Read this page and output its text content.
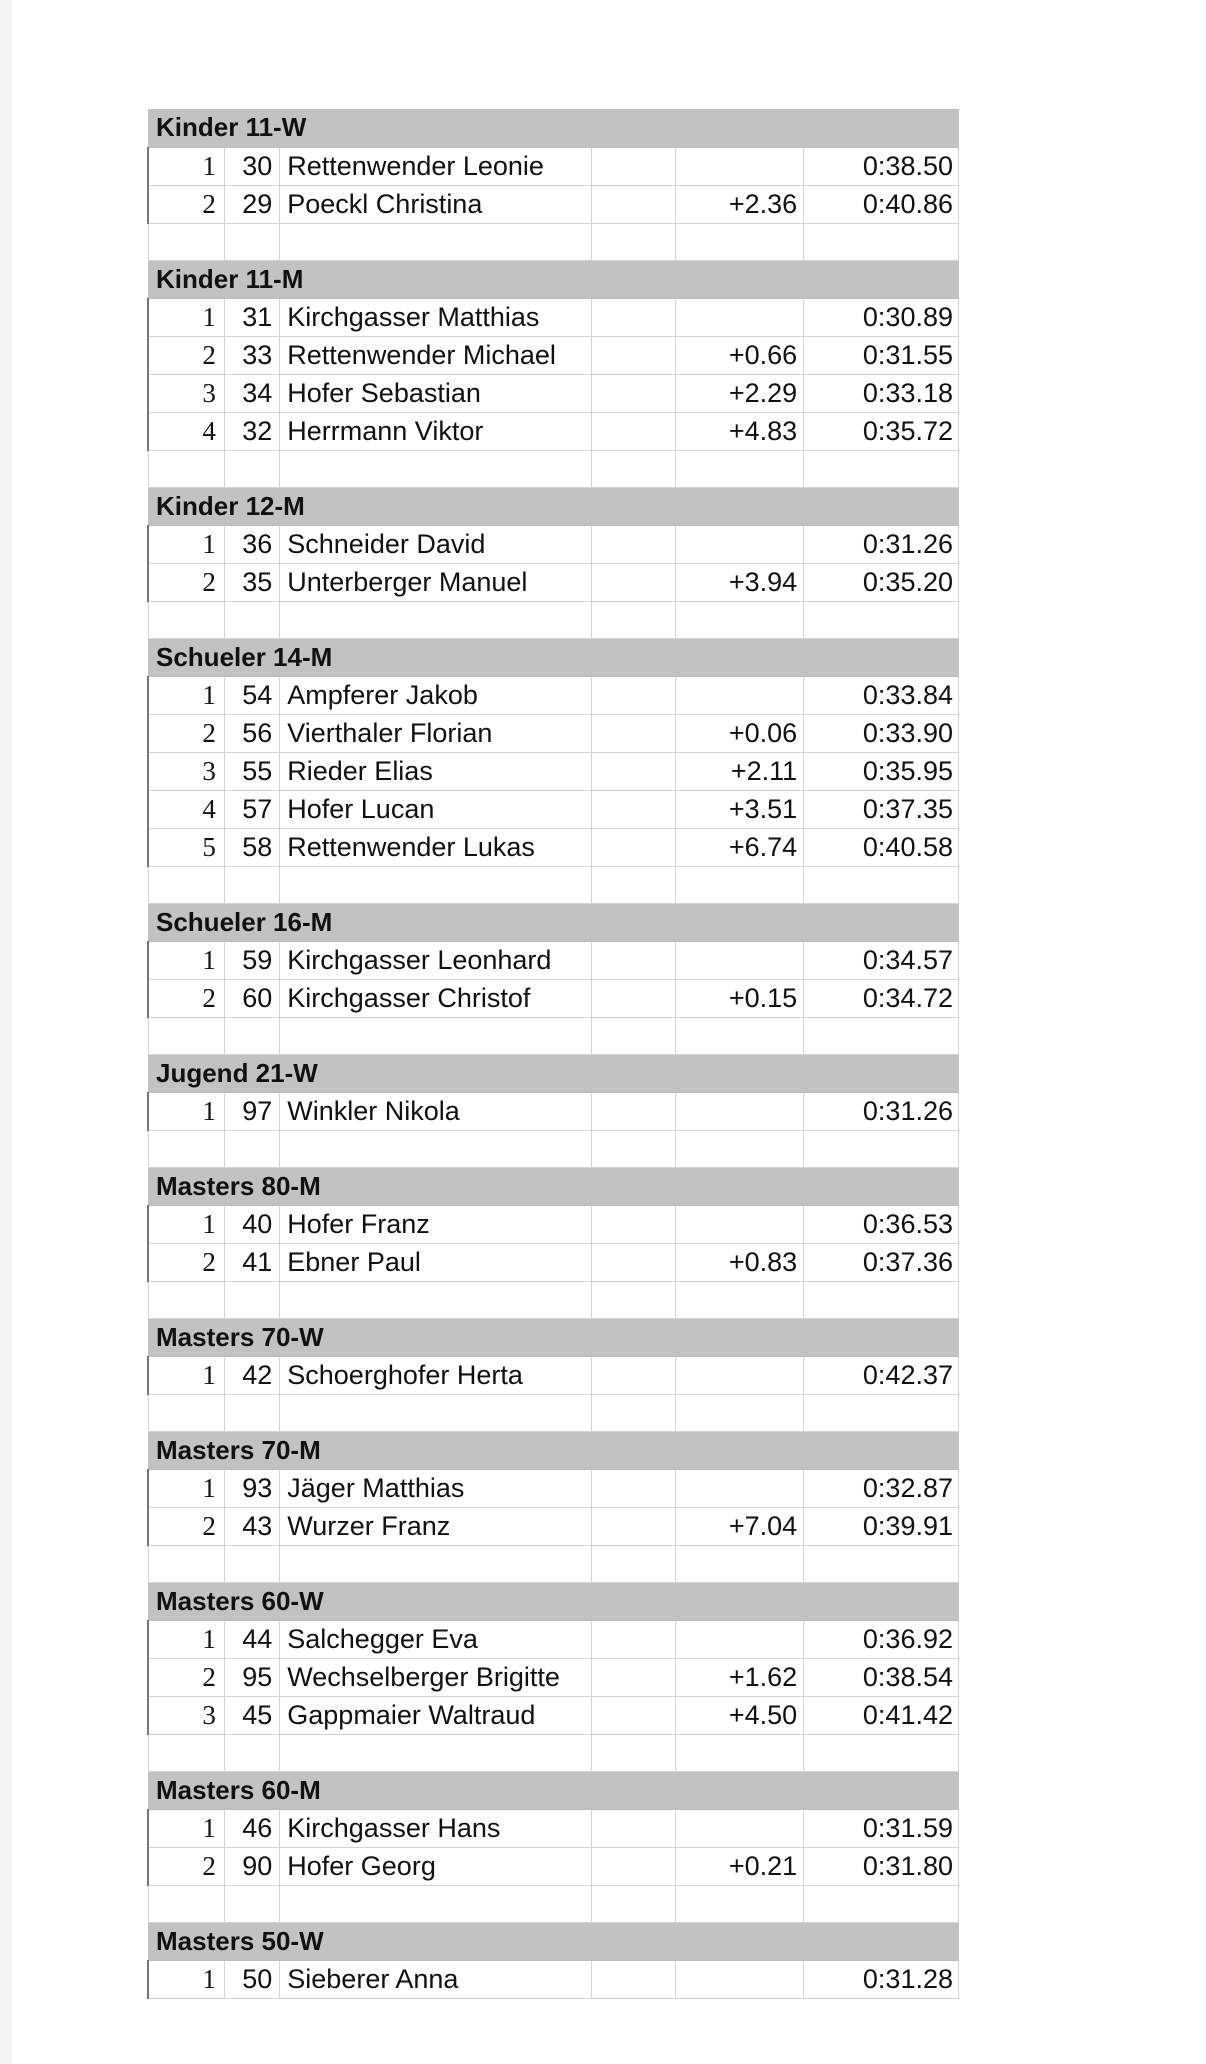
Kinder 11-W					
1	30	Rettenwender Leonie			0:38.50
2	29	Poeckl Christina		+2.36	0:40.86

Kinder 11-M					
1	31	Kirchgasser Matthias			0:30.89
2	33	Rettenwender Michael		+0.66	0:31.55
3	34	Hofer Sebastian		+2.29	0:33.18
4	32	Herrmann Viktor		+4.83	0:35.72

Kinder 12-M					
1	36	Schneider David			0:31.26
2	35	Unterberger Manuel		+3.94	0:35.20

Schueler 14-M					
1	54	Ampferer Jakob			0:33.84
2	56	Vierthaler Florian		+0.06	0:33.90
3	55	Rieder Elias		+2.11	0:35.95
4	57	Hofer Lucan		+3.51	0:37.35
5	58	Rettenwender Lukas		+6.74	0:40.58

Schueler 16-M					
1	59	Kirchgasser Leonhard			0:34.57
2	60	Kirchgasser Christof		+0.15	0:34.72

Jugend 21-W					
1	97	Winkler Nikola			0:31.26

Masters 80-M					
1	40	Hofer Franz			0:36.53
2	41	Ebner Paul		+0.83	0:37.36

Masters 70-W					
1	42	Schoerghofer Herta			0:42.37

Masters 70-M					
1	93	Jäger Matthias			0:32.87
2	43	Wurzer Franz		+7.04	0:39.91

Masters 60-W					
1	44	Salchegger Eva			0:36.92
2	95	Wechselberger Brigitte		+1.62	0:38.54
3	45	Gappmaier Waltraud		+4.50	0:41.42

Masters 60-M					
1	46	Kirchgasser Hans			0:31.59
2	90	Hofer Georg		+0.21	0:31.80

Masters 50-W					
1	50	Sieberer Anna			0:31.28
